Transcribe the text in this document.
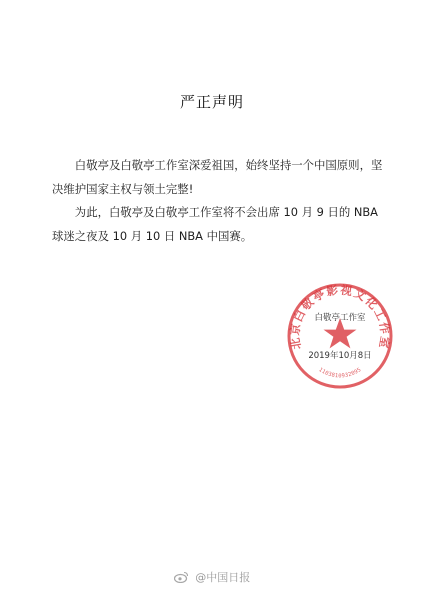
严正声明

白敬亭及白敬亭工作室深爱祖国，始终坚持一个中国原则，坚决维护国家主权与领土完整!

为此，白敬亭及白敬亭工作室将不会出席 10 月 9 日的 NBA 球迷之夜及 10 月 10 日 NBA 中国赛。

北京白敬亭影视文化工作室
1103810932095
白敬亭工作室
2019年10月8日
@中国日报
